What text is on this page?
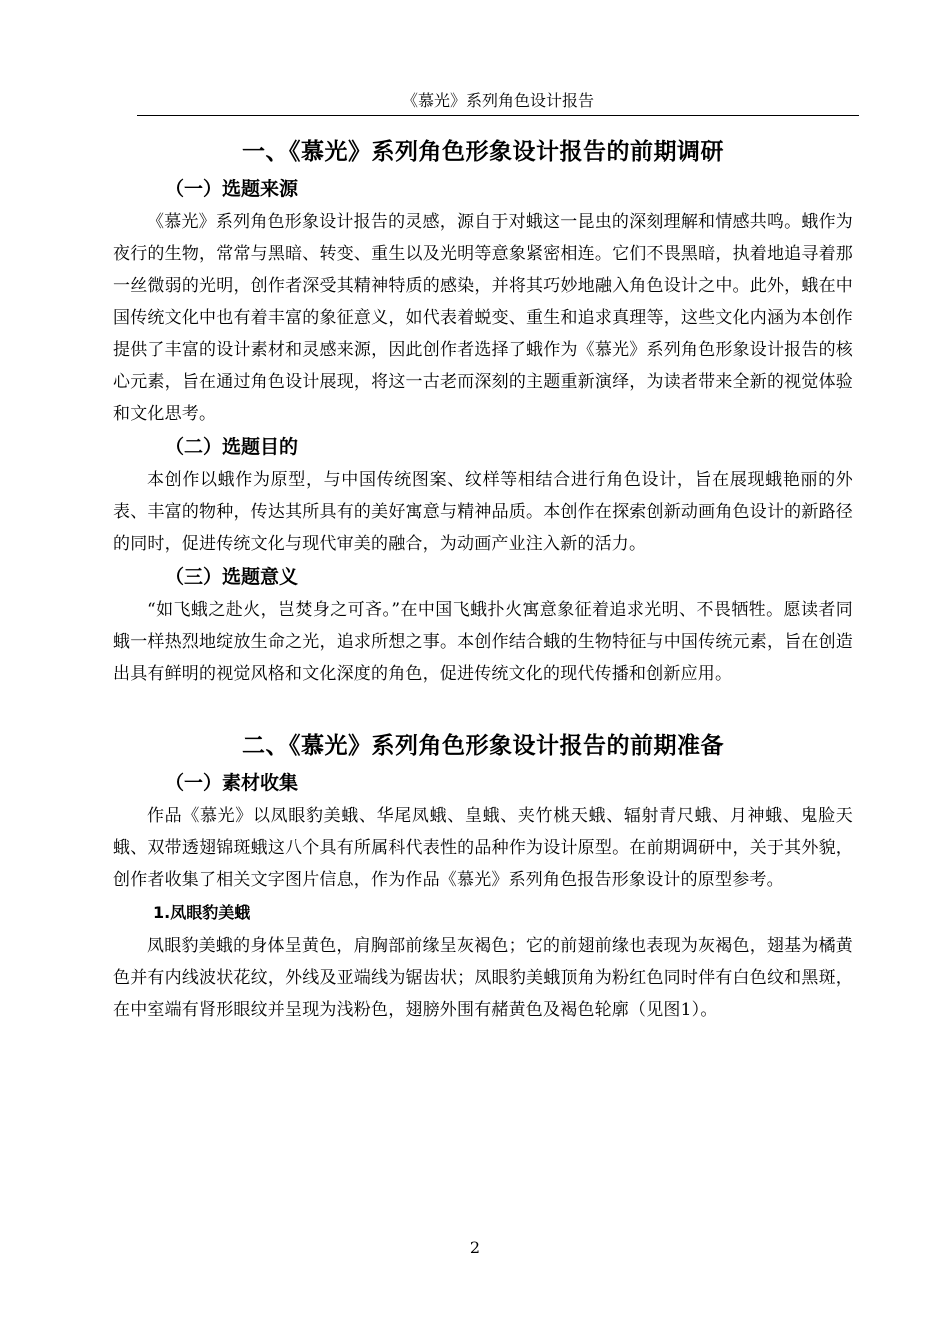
《慕光》系列角色设计报告
一、《慕光》系列角色形象设计报告的前期调研
（一）选题来源

《慕光》系列角色形象设计报告的灵感，源自于对蛾这一昆虫的深刻理解和情感共鸣。蛾作为夜行的生物，常常与黑暗、转变、重生以及光明等意象紧密相连。它们不畏黑暗，执着地追寻着那一丝微弱的光明，创作者深受其精神特质的感染，并将其巧妙地融入角色设计之中。此外，蛾在中国传统文化中也有着丰富的象征意义，如代表着蜕变、重生和追求真理等，这些文化内涵为本创作提供了丰富的设计素材和灵感来源，因此创作者选择了蛾作为《慕光》系列角色形象设计报告的核心元素，旨在通过角色设计展现，将这一古老而深刻的主题重新演绎，为读者带来全新的视觉体验和文化思考。

（二）选题目的

本创作以蛾作为原型，与中国传统图案、纹样等相结合进行角色设计，旨在展现蛾艳丽的外表、丰富的物种，传达其所具有的美好寓意与精神品质。本创作在探索创新动画角色设计的新路径的同时，促进传统文化与现代审美的融合，为动画产业注入新的活力。

（三）选题意义

“如飞蛾之赴火，岂焚身之可吝。”在中国飞蛾扑火寓意象征着追求光明、不畏牺牲。愿读者同蛾一样热烈地绽放生命之光，追求所想之事。本创作结合蛾的生物特征与中国传统元素，旨在创造出具有鲜明的视觉风格和文化深度的角色，促进传统文化的现代传播和创新应用。

二、《慕光》系列角色形象设计报告的前期准备
（一）素材收集

作品《慕光》以凤眼豹美蛾、华尾凤蛾、皇蛾、夹竹桃天蛾、辐射青尺蛾、月神蛾、鬼脸天蛾、双带透翅锦斑蛾这八个具有所属科代表性的品种作为设计原型。在前期调研中，关于其外貌，创作者收集了相关文字图片信息，作为作品《慕光》系列角色报告形象设计的原型参考。

1.凤眼豹美蛾

凤眼豹美蛾的身体呈黄色，肩胸部前缘呈灰褐色；它的前翅前缘也表现为灰褐色，翅基为橘黄色并有内线波状花纹，外线及亚端线为锯齿状；凤眼豹美蛾顶角为粉红色同时伴有白色纹和黑斑，在中室端有肾形眼纹并呈现为浅粉色，翅膀外围有赭黄色及褐色轮廓（见图1）。

2
